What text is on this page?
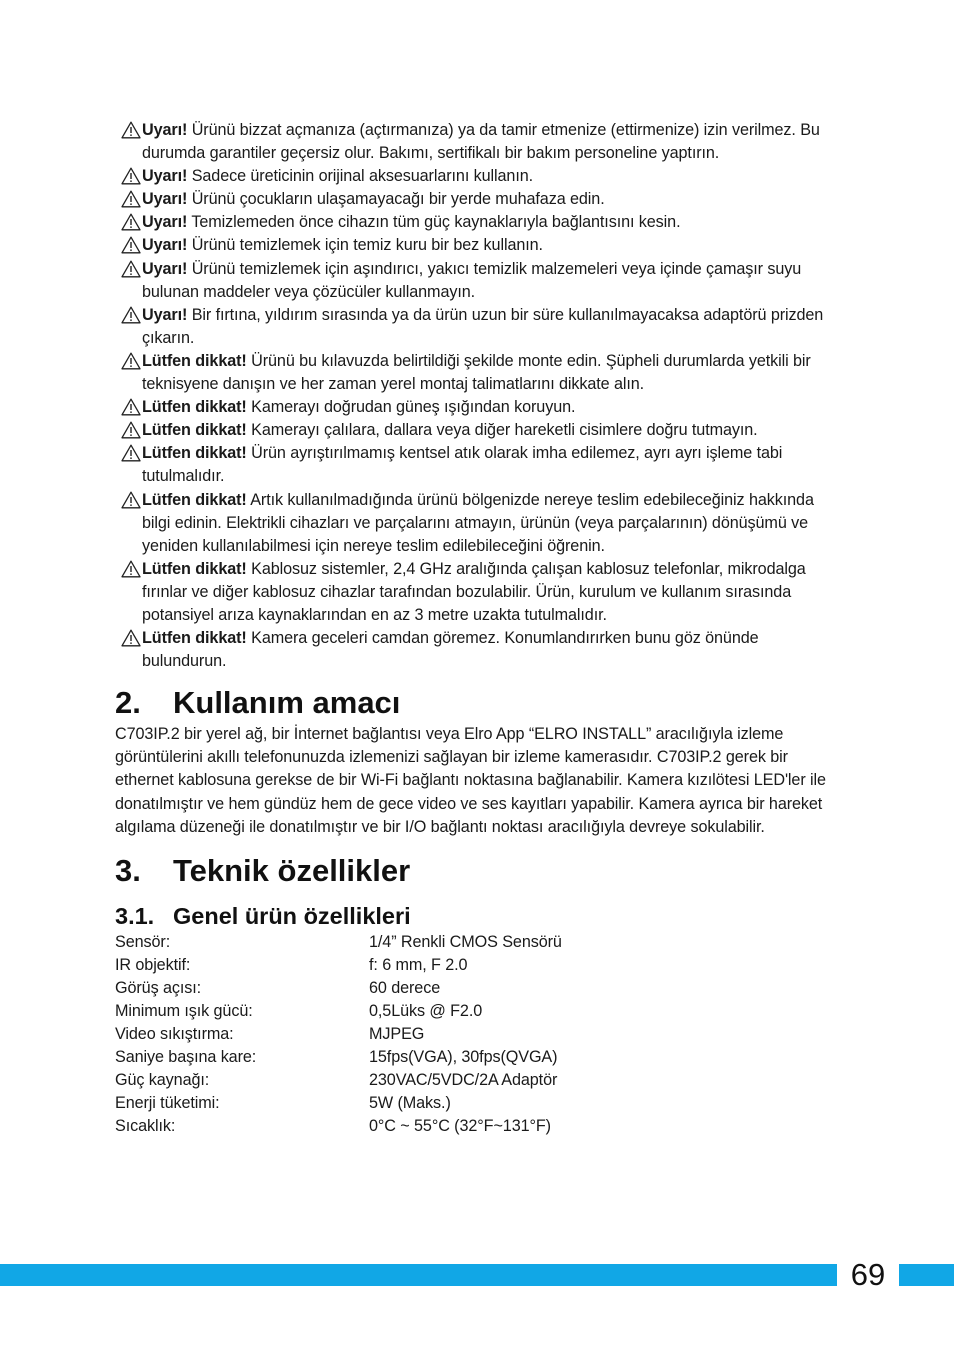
Uyarı! Ürünü bizzat açmanıza (açtırmanıza) ya da tamir etmenize (ettirmenize) izin verilmez. Bu durumda garantiler geçersiz olur. Bakımı, sertifikalı bir bakım personeline yaptırın.
Uyarı! Sadece üreticinin orijinal aksesuarlarını kullanın.
Uyarı! Ürünü çocukların ulaşamayacağı bir yerde muhafaza edin.
Uyarı! Temizlemeden önce cihazın tüm güç kaynaklarıyla bağlantısını kesin.
Uyarı! Ürünü temizlemek için temiz kuru bir bez kullanın.
Uyarı! Ürünü temizlemek için aşındırıcı, yakıcı temizlik malzemeleri veya içinde çamaşır suyu bulunan maddeler veya çözücüler kullanmayın.
Uyarı! Bir fırtına, yıldırım sırasında ya da ürün uzun bir süre kullanılmayacaksa adaptörü prizden çıkarın.
Lütfen dikkat! Ürünü bu kılavuzda belirtildiği şekilde monte edin. Şüpheli durumlarda yetkili bir teknisyene danışın ve her zaman yerel montaj talimatlarını dikkate alın.
Lütfen dikkat! Kamerayı doğrudan güneş ışığından koruyun.
Lütfen dikkat! Kamerayı çalılara, dallara veya diğer hareketli cisimlere doğru tutmayın.
Lütfen dikkat! Ürün ayrıştırılmamış kentsel atık olarak imha edilemez, ayrı ayrı işleme tabi tutulmalıdır.
Lütfen dikkat! Artık kullanılmadığında ürünü bölgenizde nereye teslim edebileceğiniz hakkında bilgi edinin. Elektrikli cihazları ve parçalarını atmayın, ürünün (veya parçalarının) dönüşümü ve yeniden kullanılabilmesi için nereye teslim edilebileceğini öğrenin.
Lütfen dikkat! Kablosuz sistemler, 2,4 GHz aralığında çalışan kablosuz telefonlar, mikrodalga fırınlar ve diğer kablosuz cihazlar tarafından bozulabilir. Ürün, kurulum ve kullanım sırasında potansiyel arıza kaynaklarından en az 3 metre uzakta tutulmalıdır.
Lütfen dikkat! Kamera geceleri camdan göremez. Konumlandırırken bunu göz önünde bulundurun.
2.	Kullanım amacı

C703IP.2 bir yerel ağ, bir İnternet bağlantısı veya Elro App “ELRO INSTALL” aracılığıyla izleme görüntülerini akıllı telefonunuzda izlemenizi sağlayan bir izleme kamerasıdır. C703IP.2 gerek bir ethernet kablosuna gerekse de bir Wi-Fi bağlantı noktasına bağlanabilir. Kamera kızılötesi LED'ler ile donatılmıştır ve hem gündüz hem de gece video ve ses kayıtları yapabilir. Kamera ayrıca bir hareket algılama düzeneği ile donatılmıştır ve bir I/O bağlantı noktası aracılığıyla devreye sokulabilir.

3.	Teknik özellikler
3.1. Genel ürün özellikleri
Sensör:	1/4” Renkli CMOS Sensörü
IR objektif:	f: 6 mm, F 2.0
Görüş açısı:	60 derece
Minimum ışık gücü:	0,5Lüks @ F2.0
Video sıkıştırma:	MJPEG
Saniye başına kare:	15fps(VGA), 30fps(QVGA)
Güç kaynağı:	230VAC/5VDC/2A Adaptör
Enerji tüketimi:	5W (Maks.)
Sıcaklık:	0°C ~ 55°C (32°F~131°F)
69
